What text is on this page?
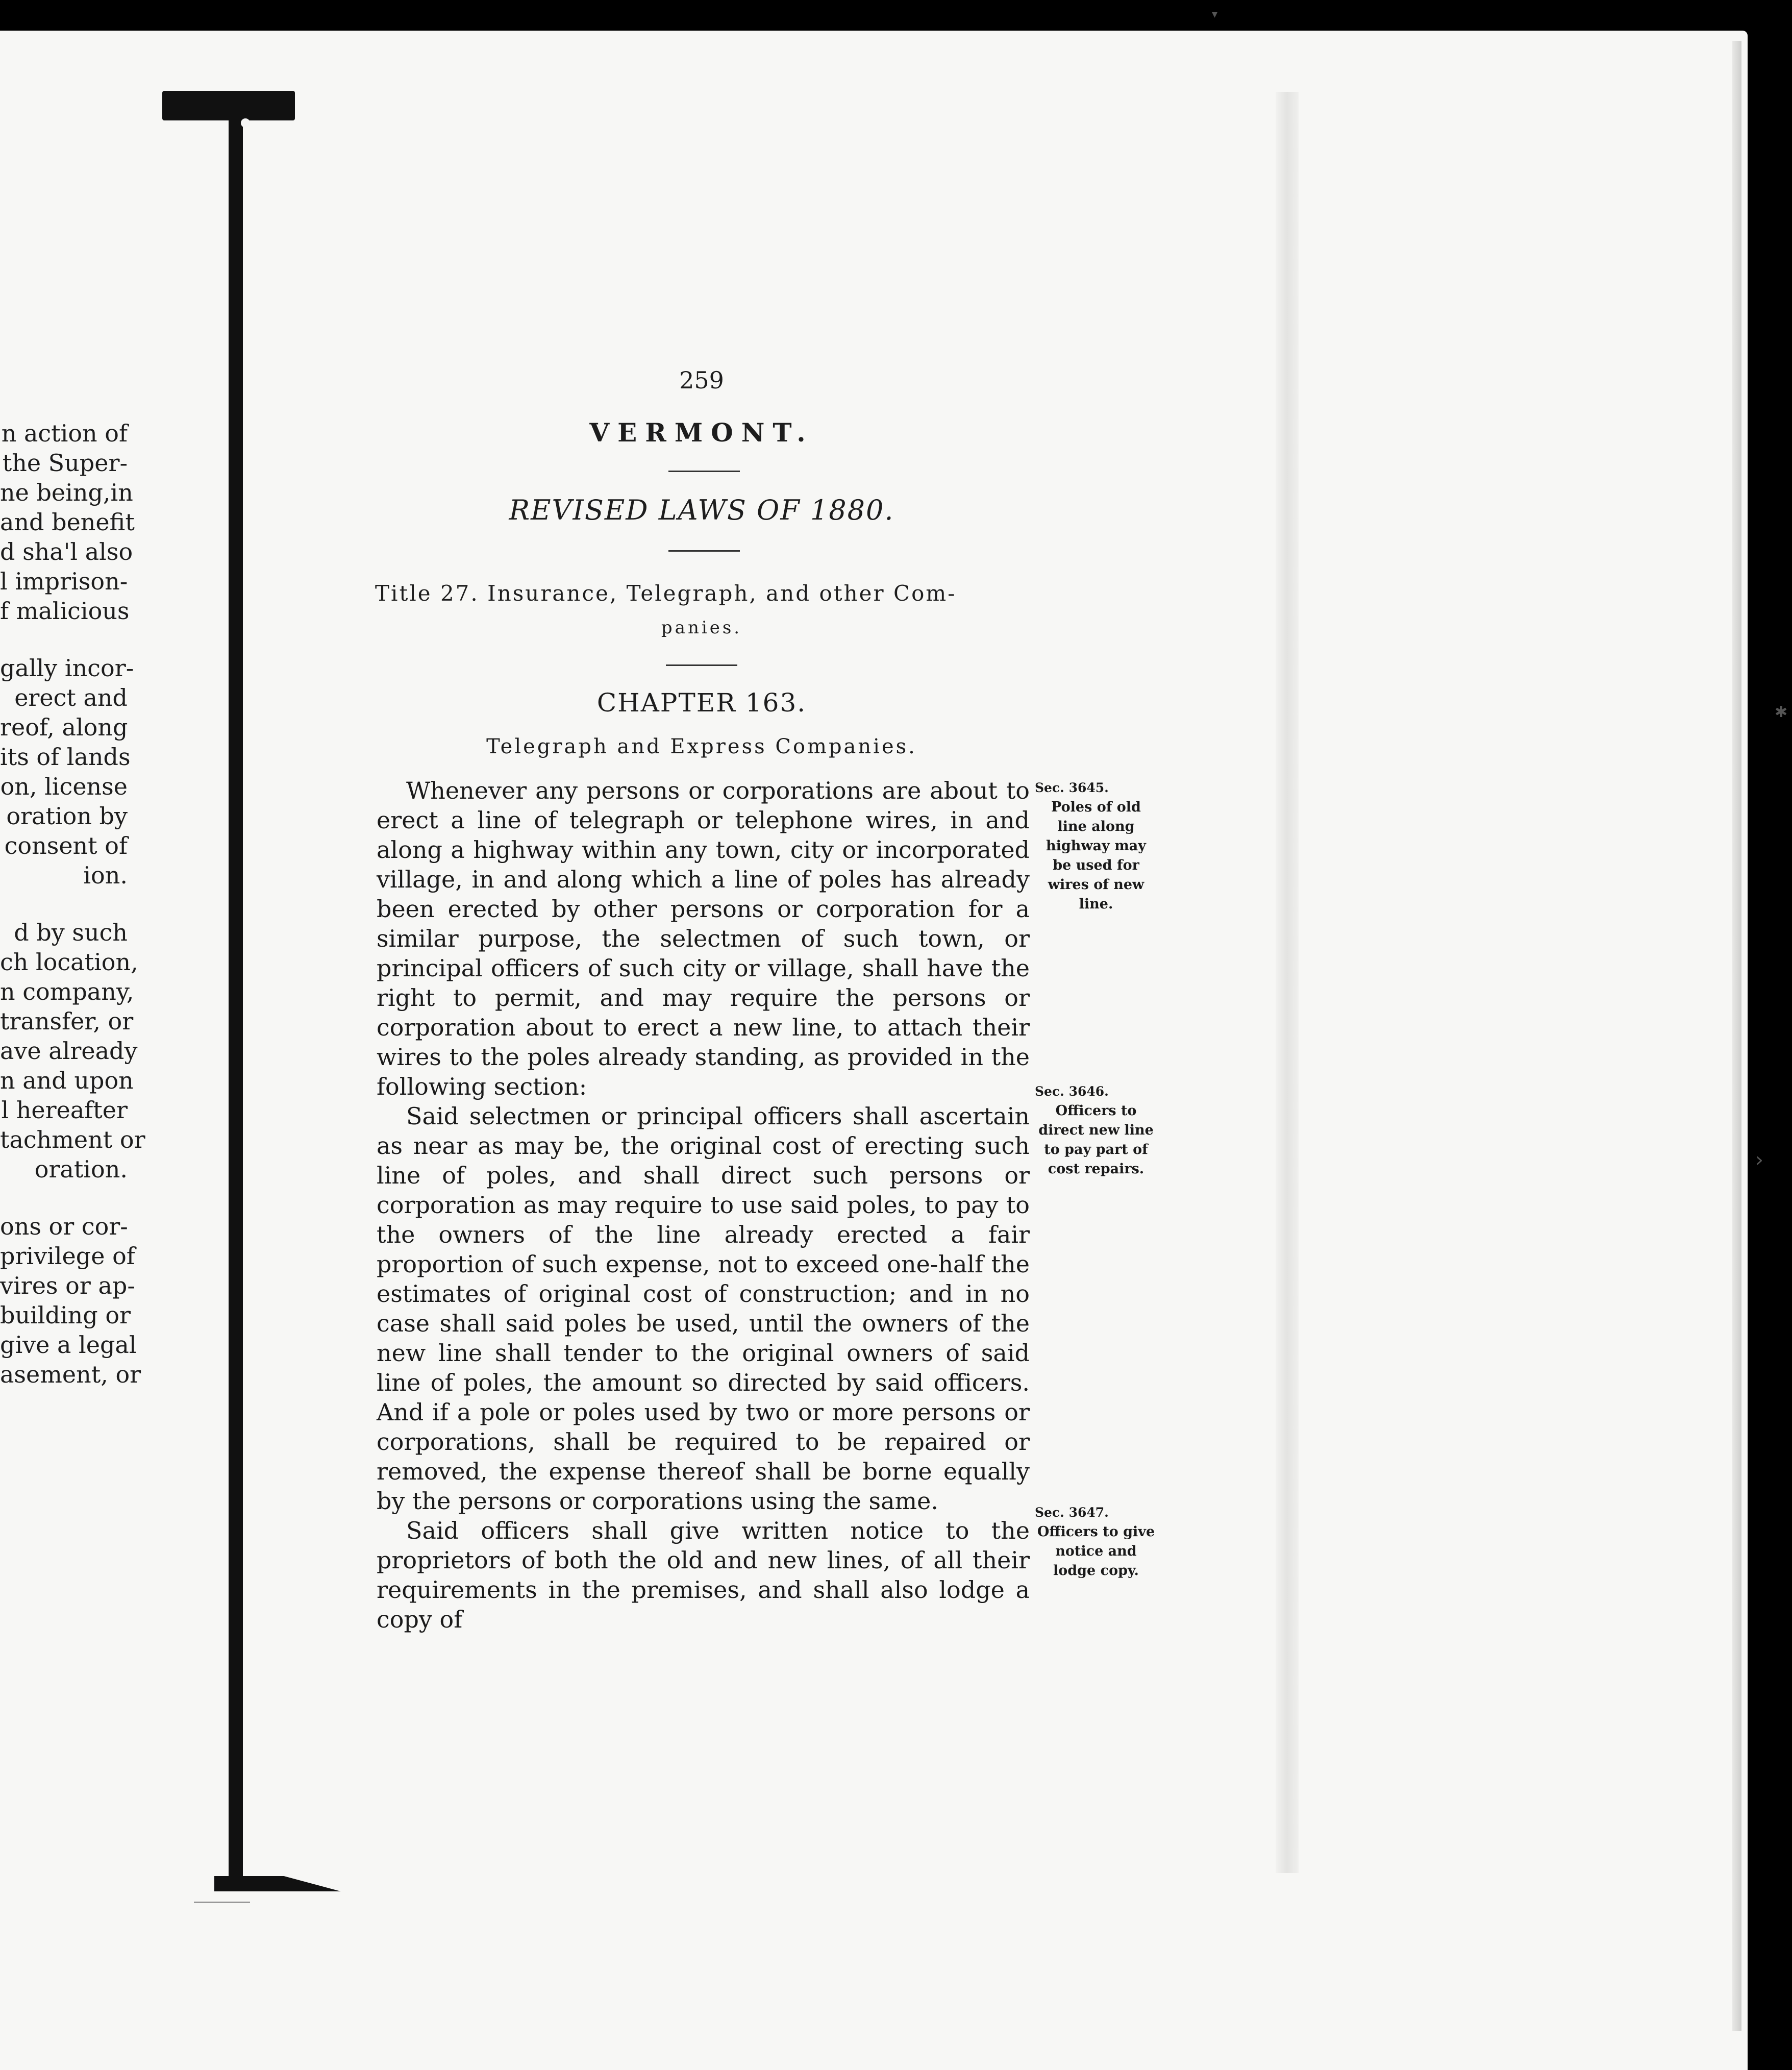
▾
✱
›
n action of
the Super-
ne being,in
and benefit
d sha'l also
l imprison-
f malicious
gally incor-
erect and
reof, along
its of lands
on, license
oration by
consent of
ion.
d by such
ch location,
n company,
transfer, or
ave already
n and upon
l hereafter
tachment or
oration.
ons or cor-
privilege of
vires or ap-
building or
give a legal
asement, or
259
VERMONT.
REVISED LAWS OF 1880.
Title 27. Insurance, Telegraph, and other Com-
panies.
CHAPTER 163.
Telegraph and Express Companies.

Whenever any persons or corporations are about to erect a line of telegraph or telephone wires, in and along a highway within any town, city or incorporated village, in and along which a line of poles has already been erected by other persons or corporation for a similar purpose, the selectmen of such town, or principal officers of such city or village, shall have the right to permit, and may require the persons or corporation about to erect a new line, to attach their wires to the poles already standing, as provided in the following section:

Said selectmen or principal officers shall ascertain as near as may be, the original cost of erecting such line of poles, and shall direct such persons or corporation as may require to use said poles, to pay to the owners of the line already erected a fair proportion of such expense, not to exceed one-half the estimates of original cost of construction; and in no case shall said poles be used, until the owners of the new line shall tender to the original owners of said line of poles, the amount so directed by said officers. And if a pole or poles used by two or more persons or corporations, shall be required to be repaired or removed, the expense thereof shall be borne equally by the persons or corporations using the same.

Said officers shall give written notice to the proprietors of both the old and new lines, of all their requirements in the premises, and shall also lodge a copy of

Sec. 3645.
Poles of old line along highway may be used for wires of new line.
Sec. 3646.
Officers to direct new line to pay part of cost repairs.
Sec. 3647.
Officers to give notice and lodge copy.
